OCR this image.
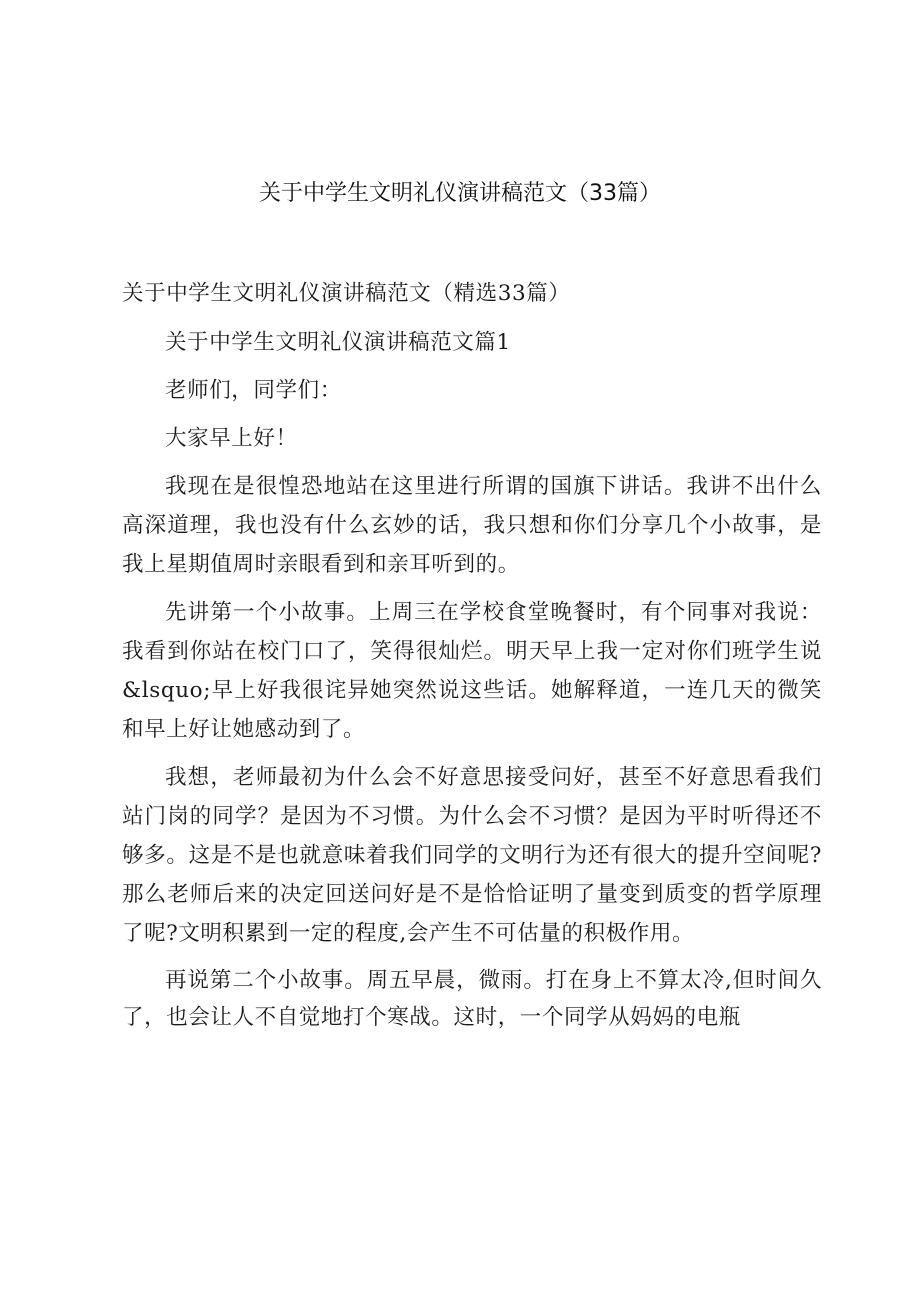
关于中学生文明礼仪演讲稿范文（33篇）
关于中学生文明礼仪演讲稿范文（精选33篇）

关于中学生文明礼仪演讲稿范文篇1

老师们，同学们：

大家早上好！

我现在是很惶恐地站在这里进行所谓的国旗下讲话。我讲不出什么高深道理，我也没有什么玄妙的话，我只想和你们分享几个小故事，是我上星期值周时亲眼看到和亲耳听到的。

先讲第一个小故事。上周三在学校食堂晚餐时，有个同事对我说：我看到你站在校门口了，笑得很灿烂。明天早上我一定对你们班学生说&lsquo;早上好我很诧异她突然说这些话。她解释道，一连几天的微笑和早上好让她感动到了。

我想，老师最初为什么会不好意思接受问好，甚至不好意思看我们站门岗的同学？是因为不习惯。为什么会不习惯？是因为平时听得还不够多。这是不是也就意味着我们同学的文明行为还有很大的提升空间呢?那么老师后来的决定回送问好是不是恰恰证明了量变到质变的哲学原理了呢?文明积累到一定的程度,会产生不可估量的积极作用。

再说第二个小故事。周五早晨，微雨。打在身上不算太冷,但时间久了，也会让人不自觉地打个寒战。这时，一个同学从妈妈的电瓶
